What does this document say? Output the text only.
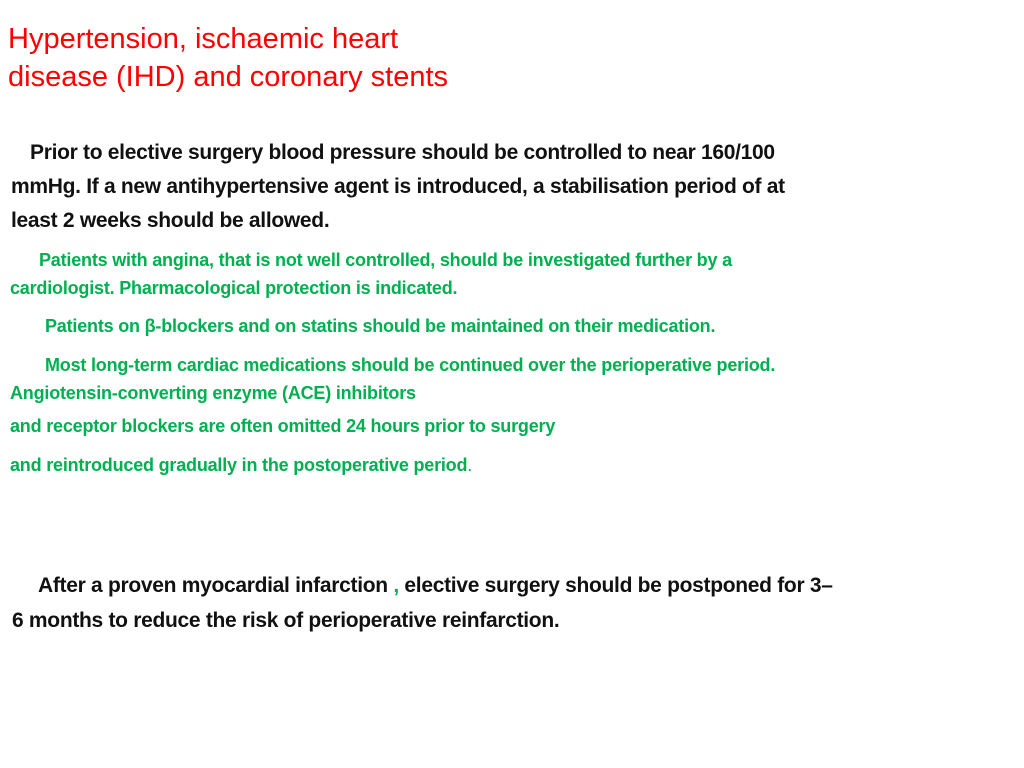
Hypertension, ischaemic heart
disease (IHD) and coronary stents
Prior to elective surgery blood pressure should be controlled to near 160/100
mmHg. If a new antihypertensive agent is introduced, a stabilisation period of at
least 2 weeks should be allowed.
Patients with angina, that is not well controlled, should be investigated further by a
cardiologist. Pharmacological protection is indicated.
Patients on β-blockers and on statins should be maintained on their medication.
Most long-term cardiac medications should be continued over the perioperative period.
Angiotensin-converting enzyme (ACE) inhibitors
and receptor blockers are often omitted 24 hours prior to surgery
and reintroduced gradually in the postoperative period.
After a proven myocardial infarction , elective surgery should be postponed for 3–
6 months to reduce the risk of perioperative reinfarction.
